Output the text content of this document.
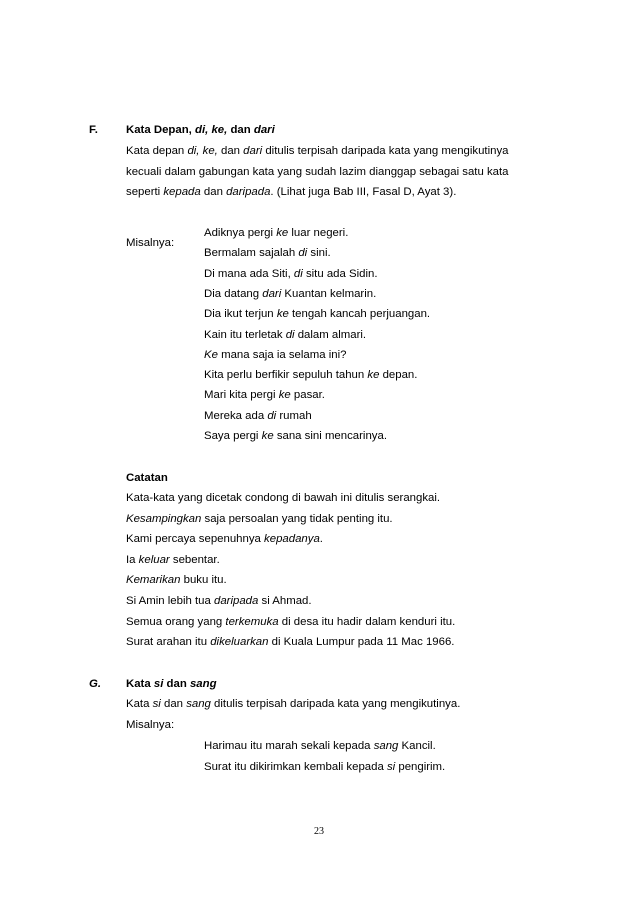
F. Kata Depan, di, ke, dan dari
Kata depan di, ke, dan dari ditulis terpisah daripada kata yang mengikutinya
kecuali dalam gabungan kata yang sudah lazim dianggap sebagai satu kata
seperti kepada dan daripada. (Lihat juga Bab III, Fasal D, Ayat 3).
Misalnya:
Adiknya pergi ke luar negeri.
Bermalam sajalah di sini.
Di mana ada Siti, di situ ada Sidin.
Dia datang dari Kuantan kelmarin.
Dia ikut terjun ke tengah kancah perjuangan.
Kain itu terletak di dalam almari.
Ke mana saja ia selama ini?
Kita perlu berfikir sepuluh tahun ke depan.
Mari kita pergi ke pasar.
Mereka ada di rumah
Saya pergi ke sana sini mencarinya.
Catatan
Kata-kata yang dicetak condong di bawah ini ditulis serangkai.
Kesampingkan saja persoalan yang tidak penting itu.
Kami percaya sepenuhnya kepadanya.
Ia keluar sebentar.
Kemarikan buku itu.
Si Amin lebih tua daripada si Ahmad.
Semua orang yang terkemuka di desa itu hadir dalam kenduri itu.
Surat arahan itu dikeluarkan di Kuala Lumpur pada 11 Mac 1966.
G. Kata si dan sang
Kata si dan sang ditulis terpisah daripada kata yang mengikutinya.
Misalnya:
Harimau itu marah sekali kepada sang Kancil.
Surat itu dikirimkan kembali kepada si pengirim.
23
